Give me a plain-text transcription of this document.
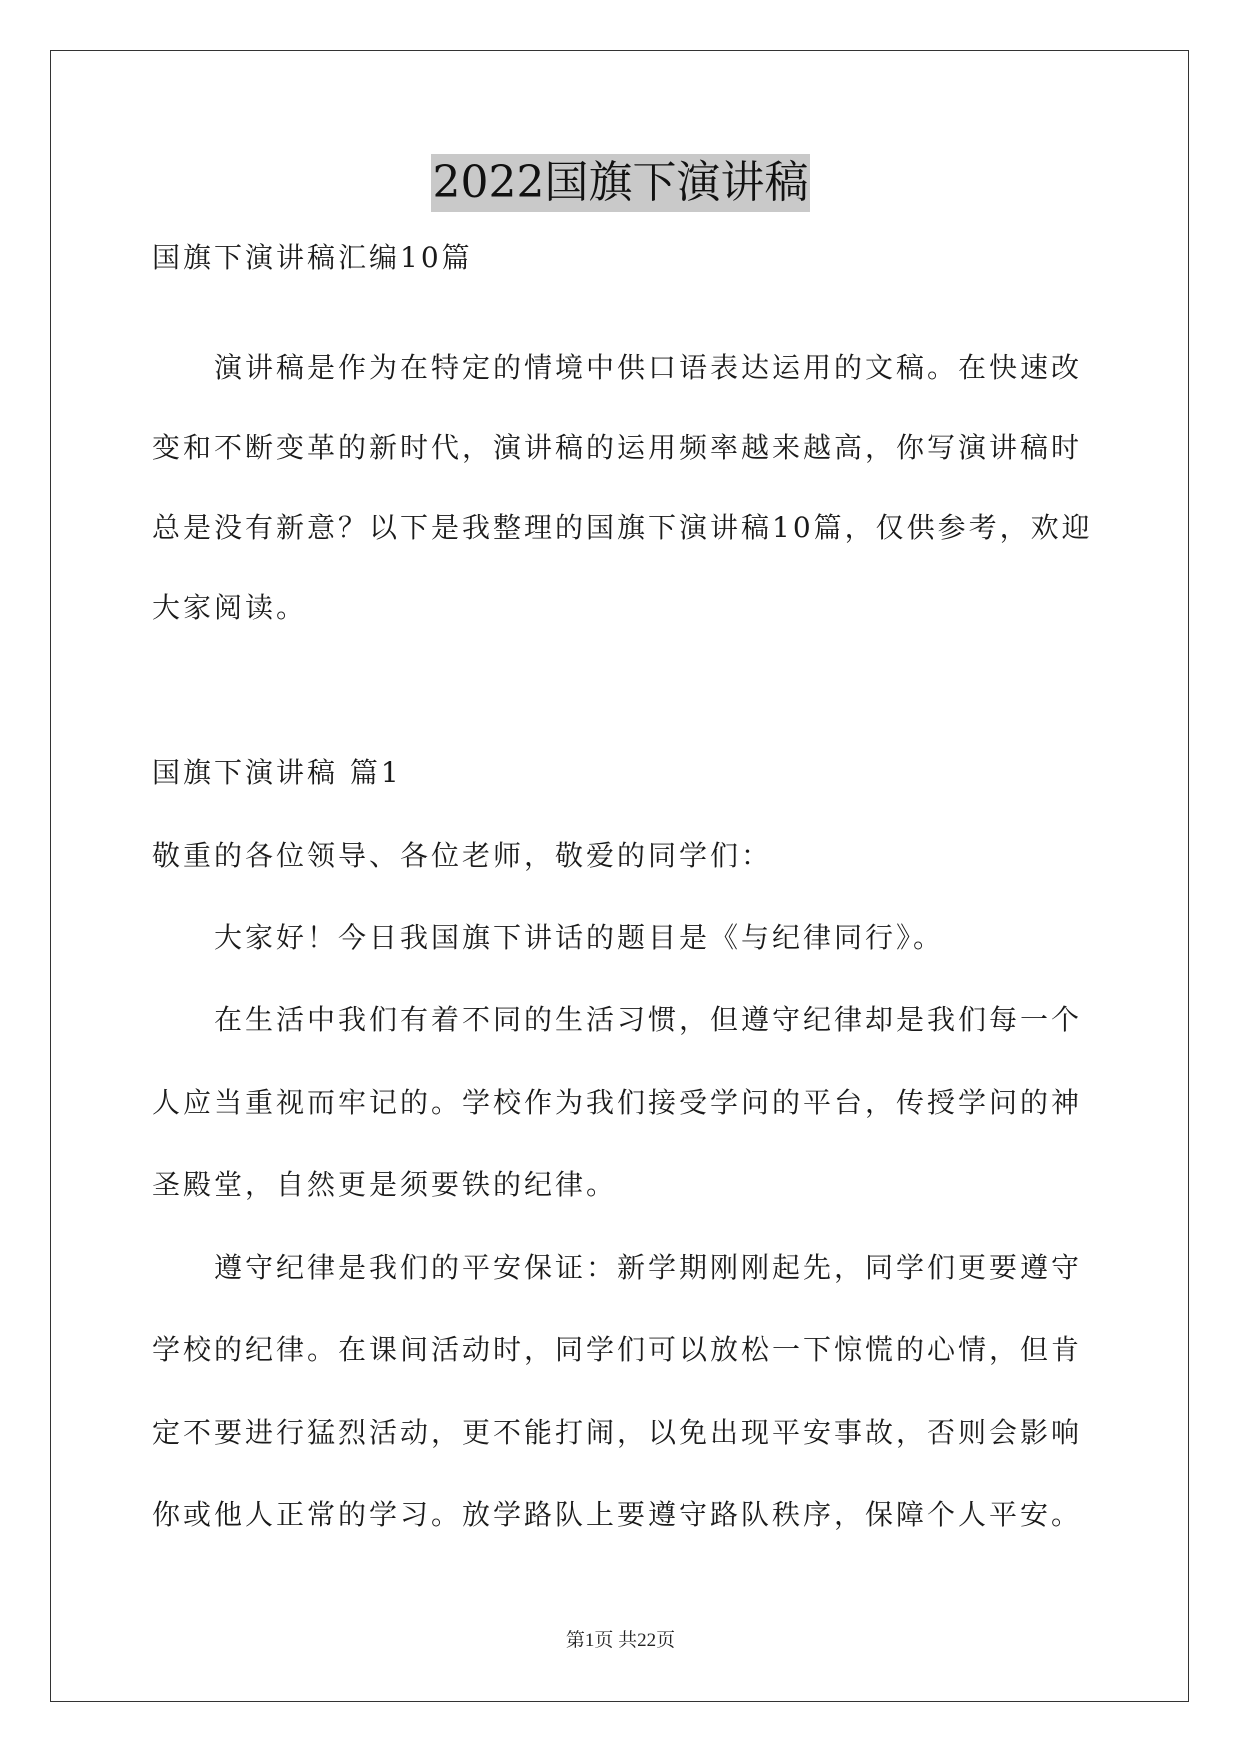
2022国旗下演讲稿
国旗下演讲稿汇编10篇
演讲稿是作为在特定的情境中供口语表达运用的文稿。在快速改
变和不断变革的新时代，演讲稿的运用频率越来越高，你写演讲稿时
总是没有新意？以下是我整理的国旗下演讲稿10篇，仅供参考，欢迎
大家阅读。
国旗下演讲稿 篇1
敬重的各位领导、各位老师，敬爱的同学们：
大家好！今日我国旗下讲话的题目是《与纪律同行》。
在生活中我们有着不同的生活习惯，但遵守纪律却是我们每一个
人应当重视而牢记的。学校作为我们接受学问的平台，传授学问的神
圣殿堂，自然更是须要铁的纪律。
遵守纪律是我们的平安保证：新学期刚刚起先，同学们更要遵守
学校的纪律。在课间活动时，同学们可以放松一下惊慌的心情，但肯
定不要进行猛烈活动，更不能打闹，以免出现平安事故，否则会影响
你或他人正常的学习。放学路队上要遵守路队秩序，保障个人平安。
第1页 共22页
